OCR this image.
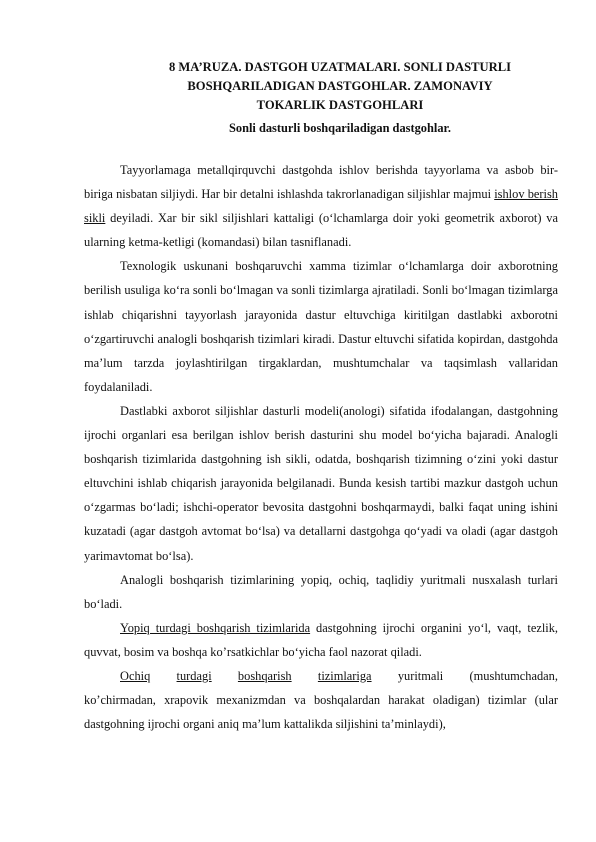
8 MA’RUZA. DASTGOH UZATMALARI. SONLI DASTURLI
BOSHQARILADIGAN DASTGOHLAR. ZAMONAVIY
TOKARLIK DASTGOHLARI
Sonli dasturli boshqariladigan dastgohlar.

Tayyorlamaga metallqirquvchi dastgohda ishlov berishda tayyorlama va asbob bir-biriga nisbatan siljiydi. Har bir detalni ishlashda takrorlanadigan siljishlar majmui ishlov berish sikli deyiladi. Xar bir sikl siljishlari kattaligi (o‘lchamlarga doir yoki geometrik axborot) va ularning ketma-ketligi (komandasi) bilan tasniflanadi.

Texnologik uskunani boshqaruvchi xamma tizimlar o‘lchamlarga doir axborotning berilish usuliga ko‘ra sonli bo‘lmagan va sonli tizimlarga ajratiladi. Sonli bo‘lmagan tizimlarga ishlab chiqarishni tayyorlash jarayonida dastur eltuvchiga kiritilgan dastlabki axborotni o‘zgartiruvchi analogli boshqarish tizimlari kiradi. Dastur eltuvchi sifatida kopirdan, dastgohda ma’lum tarzda joylashtirilgan tirgaklardan, mushtumchalar va taqsimlash vallaridan foydalaniladi.

Dastlabki axborot siljishlar dasturli modeli(anologi) sifatida ifodalangan, dastgohning ijrochi organlari esa berilgan ishlov berish dasturini shu model bo‘yicha bajaradi. Analogli boshqarish tizimlarida dastgohning ish sikli, odatda, boshqarish tizimning o‘zini yoki dastur eltuvchini ishlab chiqarish jarayonida belgilanadi. Bunda kesish tartibi mazkur dastgoh uchun o‘zgarmas bo‘ladi; ishchi-operator bevosita dastgohni boshqarmaydi, balki faqat uning ishini kuzatadi (agar dastgoh avtomat bo‘lsa) va detallarni dastgohga qo‘yadi va oladi (agar dastgoh yarimavtomat bo‘lsa).

Analogli boshqarish tizimlarining yopiq, ochiq, taqlidiy yuritmali nusxalash turlari bo‘ladi.

Yopiq turdagi boshqarish tizimlarida dastgohning ijrochi organini yo‘l, vaqt, tezlik, quvvat, bosim va boshqa ko’rsatkichlar bo‘yicha faol nazorat qiladi.

Ochiq turdagi boshqarish tizimlariga yuritmali (mushtumchadan,

ko’chirmadan, xrapovik mexanizmdan va boshqalardan harakat oladigan) tizimlar (ular dastgohning ijrochi organi aniq ma’lum kattalikda siljishini ta’minlaydi),
